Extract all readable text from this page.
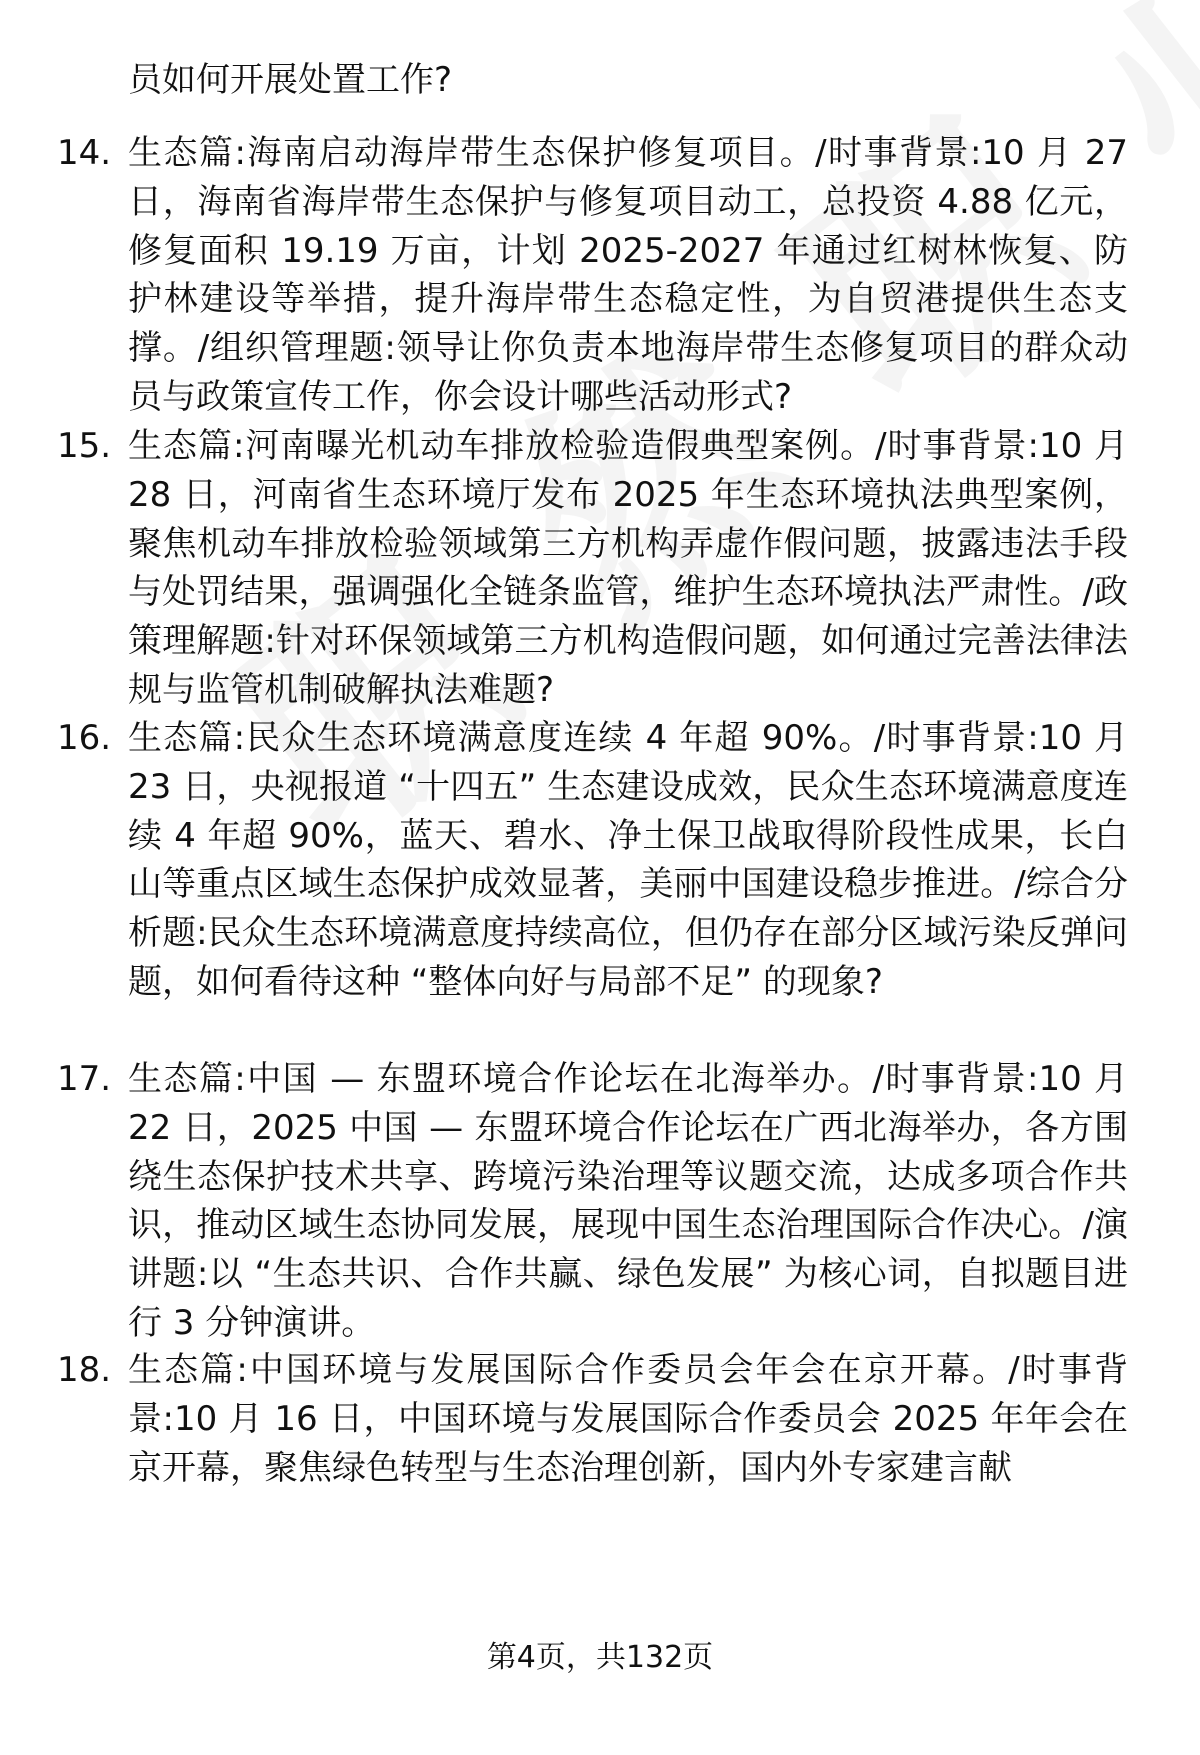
员如何开展处置工作?
14. 生态篇:海南启动海岸带生态保护修复项目。/时事背景:10 月 27 日，海南省海岸带生态保护与修复项目动工，总投资 4.88 亿元，修复面积 19.19 万亩，计划 2025-2027 年通过红树林恢复、防护林建设等举措，提升海岸带生态稳定性，为自贸港提供生态支撑。/组织管理题:领导让你负责本地海岸带生态修复项目的群众动员与政策宣传工作，你会设计哪些活动形式?
15. 生态篇:河南曝光机动车排放检验造假典型案例。/时事背景:10 月 28 日，河南省生态环境厅发布 2025 年生态环境执法典型案例，聚焦机动车排放检验领域第三方机构弄虚作假问题，披露违法手段与处罚结果，强调强化全链条监管，维护生态环境执法严肃性。/政策理解题:针对环保领域第三方机构造假问题，如何通过完善法律法规与监管机制破解执法难题?
16. 生态篇:民众生态环境满意度连续 4 年超 90%。/时事背景:10 月 23 日，央视报道 “十四五” 生态建设成效，民众生态环境满意度连续 4 年超 90%，蓝天、碧水、净土保卫战取得阶段性成果，长白山等重点区域生态保护成效显著，美丽中国建设稳步推进。/综合分析题:民众生态环境满意度持续高位，但仍存在部分区域污染反弹问题，如何看待这种 “整体向好与局部不足” 的现象?
17. 生态篇:中国 — 东盟环境合作论坛在北海举办。/时事背景:10 月 22 日，2025 中国 — 东盟环境合作论坛在广西北海举办，各方围绕生态保护技术共享、跨境污染治理等议题交流，达成多项合作共识，推动区域生态协同发展，展现中国生态治理国际合作决心。/演讲题:以 “生态共识、合作共赢、绿色发展” 为核心词，自拟题目进行 3 分钟演讲。
18. 生态篇:中国环境与发展国际合作委员会年会在京开幕。/时事背景:10 月 16 日，中国环境与发展国际合作委员会 2025 年年会在京开幕，聚焦绿色转型与生态治理创新，国内外专家建言献
第4页，共132页
